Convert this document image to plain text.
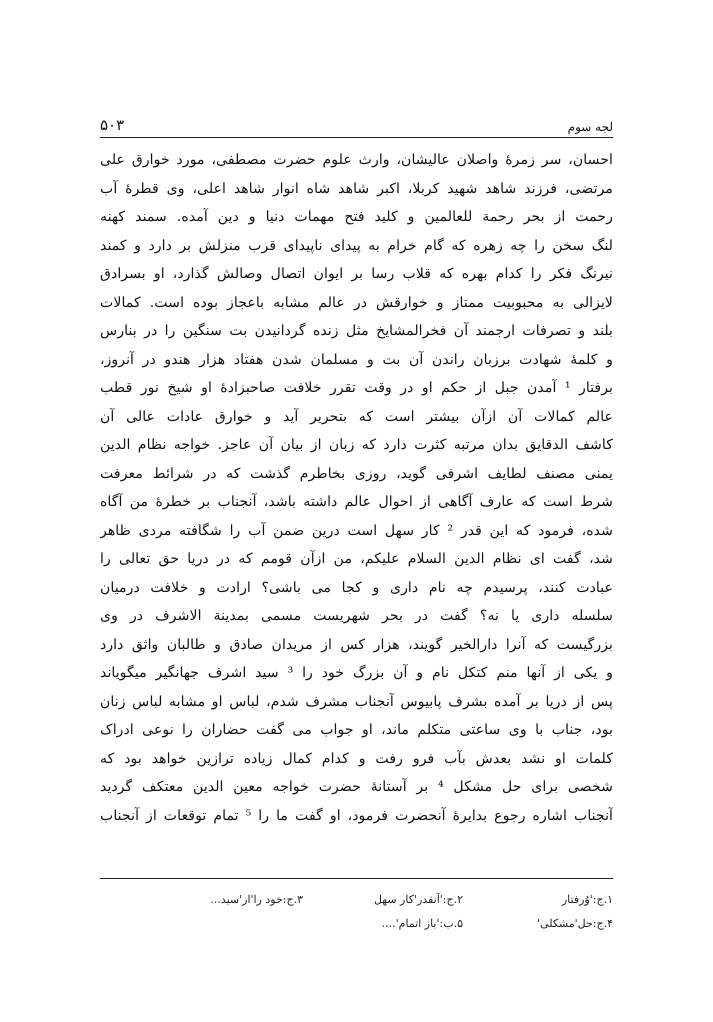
۵۰۳	لجه سوم
احسان، سر زمرهٔ واصلان عالیشان، وارث علوم حضرت مصطفی، مورد خوارق علی
مرتضی، فرزند شاهد شهید کربلا، اکبر شاهد شاه انوار شاهد اعلی، وی قطرهٔ آب
رحمت از بحر رحمة للعالمین و کلید فتح مهمات دنیا و دین آمده. سمند کهنه
لنگ سخن را چه زهره که گام خرام به پیدای ناپیدای قرب منزلش بر دارد و کمند
نیرنگ فکر را کدام بهره که قلاب رسا بر ایوان اتصال وصالش گذارد، او بسرادق
لایزالی به محبوبیت ممتاز و خوارقش در عالم مشابه باعجاز بوده است. کمالات
بلند و تصرفات ارجمند آن فخرالمشایخ مثل زنده گردانیدن بت سنگین را در بنارس
و کلمهٔ شهادت برزبان راندن آن بت و مسلمان شدن هفتاد هزار هندو در آنروز،
برفتار ¹ آمدن جبل از حکم او در وقت تقرر خلافت صاحبزادهٔ او شیخ نور قطب
عالم کمالات آن ازآن بیشتر است که بتحریر آید و خوارق عادات عالی آن
کاشف الدقایق بدان مرتبه کثرت دارد که زبان از بیان آن عاجز. خواجه نظام الدین
یمنی مصنف لطایف اشرفی گوید، روزی بخاطرم گذشت که در شرائط معرفت
شرط است که عارف آگاهی از احوال عالم داشته باشد، آنجناب بر خطرهٔ من آگاه
شده، فرمود که این قدر ² کار سهل است درین ضمن آب را شگافته مردی ظاهر
شد، گفت ای نظام الدین السلام علیکم، من ازآن قومم که در دریا حق تعالی را
عبادت کنند، پرسیدم چه نام داری و کجا می باشی؟ ارادت و خلافت درمیان
سلسله داری یا نه؟ گفت در بحر شهریست مسمی بمدینة الاشرف در وی
بزرگیست که آنرا دارالخیر گویند، هزار کس از مریدان صادق و طالبان واثق دارد
و یکی از آنها منم کتکل نام و آن بزرگ خود را ³ سید اشرف جهانگیر میگویاند
پس از دریا بر آمده بشرف پابیوس آنجناب مشرف شدم، لباس او مشابه لباس زنان
بود، جناب با وی ساعتی متکلم ماند، او جواب می گفت حضاران را نوعی ادراک
کلمات او نشد بعدش بآب فرو رفت و کدام کمال زیاده ترازین خواهد بود که
شخصی برای حل مشکل ⁴ بر آستانهٔ حضرت خواجه معین الدین معتکف گردید
آنجناب اشاره رجوع بدایرهٔ آنحضرت فرمود، او گفت ما را ⁵ تمام توقعات از آنجناب
۱.ج:'وُرفتار
۲.ج:'آنقدر'کار سهل
۳.ج:خود را'از'سید...
۴.ج:حل'مشکلی'
۵.ب:'باز اتمام'....
